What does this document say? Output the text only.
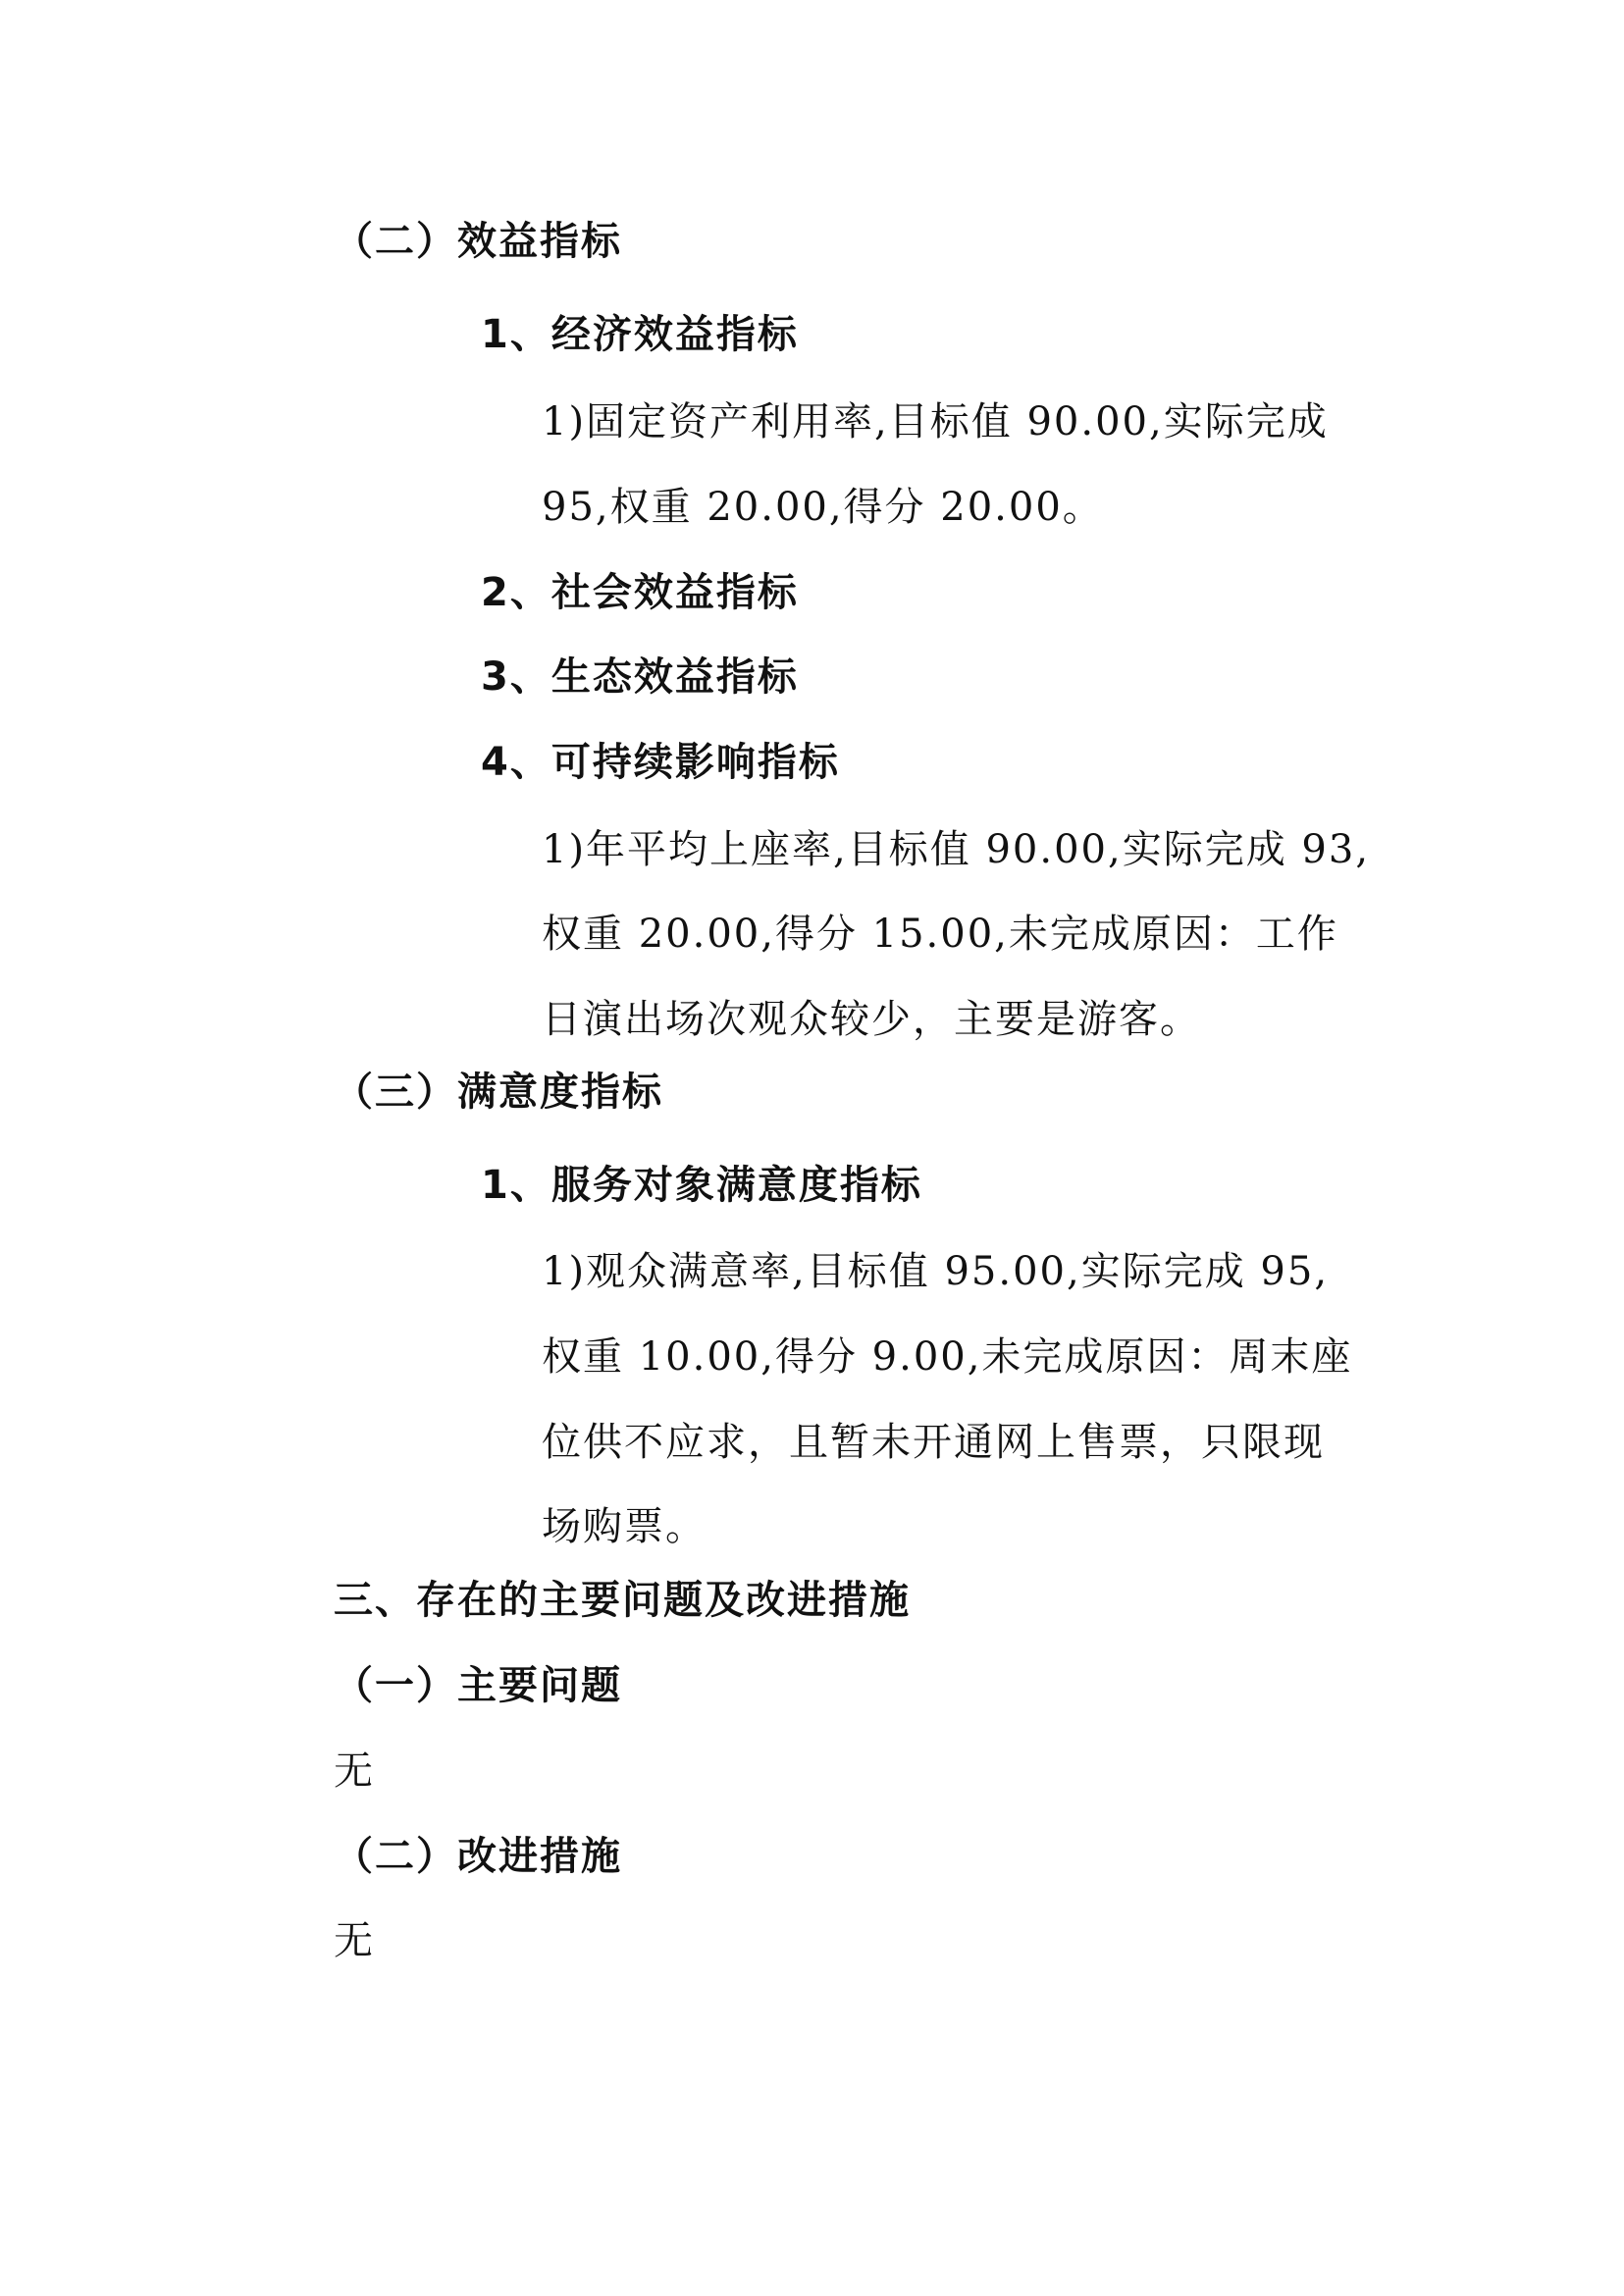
（二）效益指标
1、经济效益指标
1)固定资产利用率,目标值 90.00,实际完成
95,权重 20.00,得分 20.00。
2、社会效益指标
3、生态效益指标
4、可持续影响指标
1)年平均上座率,目标值 90.00,实际完成 93,
权重 20.00,得分 15.00,未完成原因：工作
日演出场次观众较少，主要是游客。
（三）满意度指标
1、服务对象满意度指标
1)观众满意率,目标值 95.00,实际完成 95,
权重 10.00,得分 9.00,未完成原因：周末座
位供不应求，且暂未开通网上售票，只限现
场购票。
三、存在的主要问题及改进措施
（一）主要问题
无
（二）改进措施
无
